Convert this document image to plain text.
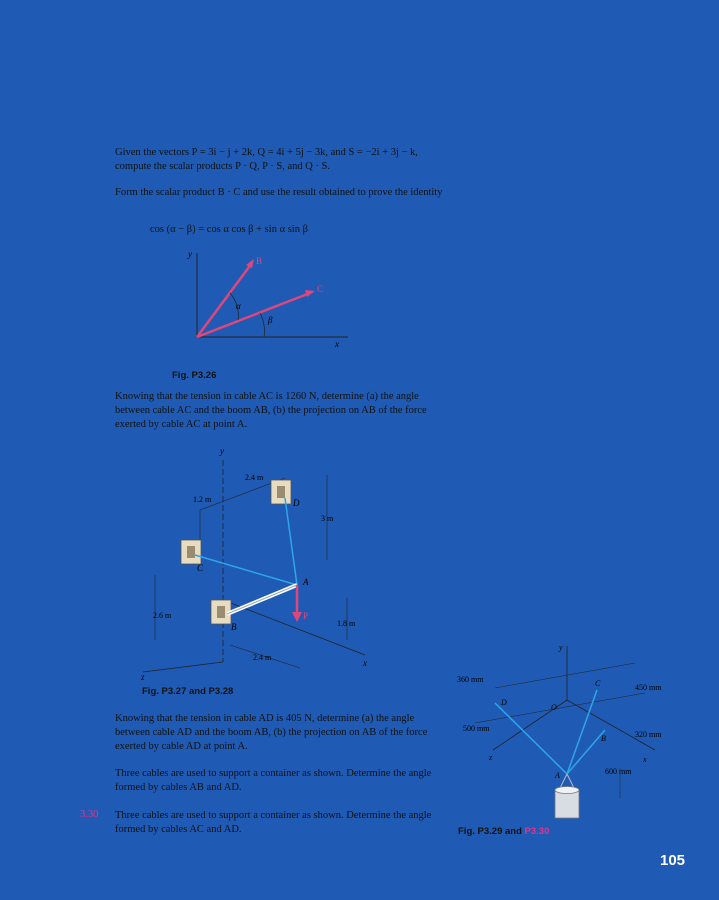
Given the vectors P = 3i − j + 2k, Q = 4i + 5j − 3k, and S = −2i + 3j − k, compute the scalar products P · Q, P · S, and Q · S.
Form the scalar product B · C and use the result obtained to prove the identity
cos (α − β) = cos α cos β + sin α sin β
y
x
B
C
α
β
Fig. P3.26
Knowing that the tension in cable AC is 1260 N, determine (a) the angle between cable AC and the boom AB, (b) the projection on AB of the force exerted by cable AC at point A.
y
z
x
2.4 m
1.2 m
3 m
2.6 m
1.8 m
2.4 m
P
A
B
C
D
Fig. P3.27 and P3.28
Knowing that the tension in cable AD is 405 N, determine (a) the angle between cable AD and the boom AB, (b) the projection on AB of the force exerted by cable AD at point A.
Three cables are used to support a container as shown. Determine the angle formed by cables AB and AD.
3.30 Three cables are used to support a container as shown. Determine the angle formed by cables AC and AD.
y
z	x
O
360 mm
500 mm
450 mm
320 mm
600 mm
D
C
B
A
Fig. P3.29 and P3.30
105
